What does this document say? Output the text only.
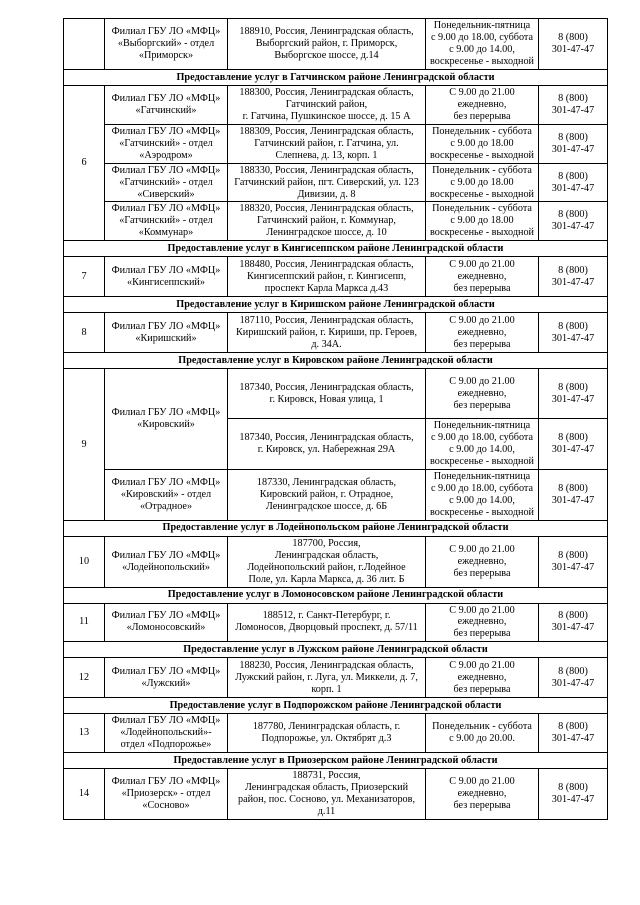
	Филиал ГБУ ЛО «МФЦ»
«Выборгский» - отдел
«Приморск»	188910, Россия, Ленинградская область,
Выборгский район, г. Приморск,
Выборгское шоссе, д.14	Понедельник-пятница
с 9.00 до 18.00, суббота
с 9.00 до 14.00,
воскресенье - выходной	8 (800)
301-47-47

Предоставление услуг в Гатчинском районе Ленинградской области				
6	Филиал ГБУ ЛО «МФЦ»
«Гатчинский»	188300, Россия, Ленинградская область,
Гатчинский район,
г. Гатчина, Пушкинское шоссе, д. 15 А	С 9.00 до 21.00
ежедневно,
без перерыва	8 (800)
301-47-47

	Филиал ГБУ ЛО «МФЦ»
«Гатчинский» - отдел
«Аэродром»	188309, Россия, Ленинградская область,
Гатчинский район, г. Гатчина, ул.
Слепнева, д. 13, корп. 1	Понедельник - суббота
с 9.00 до 18.00
воскресенье - выходной	8 (800)
301-47-47

	Филиал ГБУ ЛО «МФЦ»
«Гатчинский» - отдел
«Сиверский»	188330, Россия, Ленинградская область,
Гатчинский район, пгт. Сиверский, ул. 123
Дивизии, д. 8	Понедельник - суббота
с 9.00 до 18.00
воскресенье - выходной	8 (800)
301-47-47

	Филиал ГБУ ЛО «МФЦ»
«Гатчинский» - отдел
«Коммунар»	188320, Россия, Ленинградская область,
Гатчинский район, г. Коммунар,
Ленинградское шоссе, д. 10	Понедельник - суббота
с 9.00 до 18.00
воскресенье - выходной	8 (800)
301-47-47

Предоставление услуг в Кингисеппском районе Ленинградской области				
7	Филиал ГБУ ЛО «МФЦ»
«Кингисеппский»	188480, Россия, Ленинградская область,
Кингисеппский район, г. Кингисепп,
проспект Карла Маркса д.43	С 9.00 до 21.00
ежедневно,
без перерыва	8 (800)
301-47-47

Предоставление услуг в Киришском районе Ленинградской области				
8	Филиал ГБУ ЛО «МФЦ»
«Киришский»	187110, Россия, Ленинградская область,
Киришский район, г. Кириши, пр. Героев,
д. 34А.	С 9.00 до 21.00
ежедневно,
без перерыва	8 (800)
301-47-47

Предоставление услуг в Кировском районе Ленинградской области				
9	Филиал ГБУ ЛО «МФЦ»
«Кировский»	187340, Россия, Ленинградская область,
г. Кировск, Новая улица, 1	С 9.00 до 21.00
ежедневно,
без перерыва	8 (800)
301-47-47

		187340, Россия, Ленинградская область,
г. Кировск, ул. Набережная 29А	Понедельник-пятница
с 9.00 до 18.00, суббота
с 9.00 до 14.00,
воскресенье - выходной	8 (800)
301-47-47

	Филиал ГБУ ЛО «МФЦ»
«Кировский» - отдел
«Отрадное»	187330, Ленинградская область,
Кировский район, г. Отрадное,
Ленинградское шоссе, д. 6Б	Понедельник-пятница
с 9.00 до 18.00, суббота
с 9.00 до 14.00,
воскресенье - выходной	8 (800)
301-47-47

Предоставление услуг в Лодейнопольском районе Ленинградской области				
10	Филиал ГБУ ЛО «МФЦ»
«Лодейнопольский»	187700, Россия,
Ленинградская область,
Лодейнопольский район, г.Лодейное
Поле, ул. Карла Маркса, д. 36 лит. Б	С 9.00 до 21.00
ежедневно,
без перерыва	8 (800)
301-47-47

Предоставление услуг в Ломоносовском районе Ленинградской области				
11	Филиал ГБУ ЛО «МФЦ»
«Ломоносовский»	188512, г. Санкт-Петербург, г.
Ломоносов, Дворцовый проспект, д. 57/11	С 9.00 до 21.00
ежедневно,
без перерыва	8 (800)
301-47-47

Предоставление услуг в Лужском районе Ленинградской области				
12	Филиал ГБУ ЛО «МФЦ»
«Лужский»	188230, Россия, Ленинградская область,
Лужский район, г. Луга, ул. Миккели, д. 7,
корп. 1	С 9.00 до 21.00
ежедневно,
без перерыва	8 (800)
301-47-47

Предоставление услуг в Подпорожском районе Ленинградской области				
13	Филиал ГБУ ЛО «МФЦ»
«Лодейнопольский»-
отдел «Подпорожье»	187780, Ленинградская область, г.
Подпорожье, ул. Октябрят д.3	Понедельник - суббота
с 9.00 до 20.00.	8 (800)
301-47-47

Предоставление услуг в Приозерском районе Ленинградской области				
14	Филиал ГБУ ЛО «МФЦ»
«Приозерск» - отдел
«Сосново»	188731, Россия,
Ленинградская область, Приозерский
район, пос. Сосново, ул. Механизаторов,
д.11	С 9.00 до 21.00
ежедневно,
без перерыва	8 (800)
301-47-47
